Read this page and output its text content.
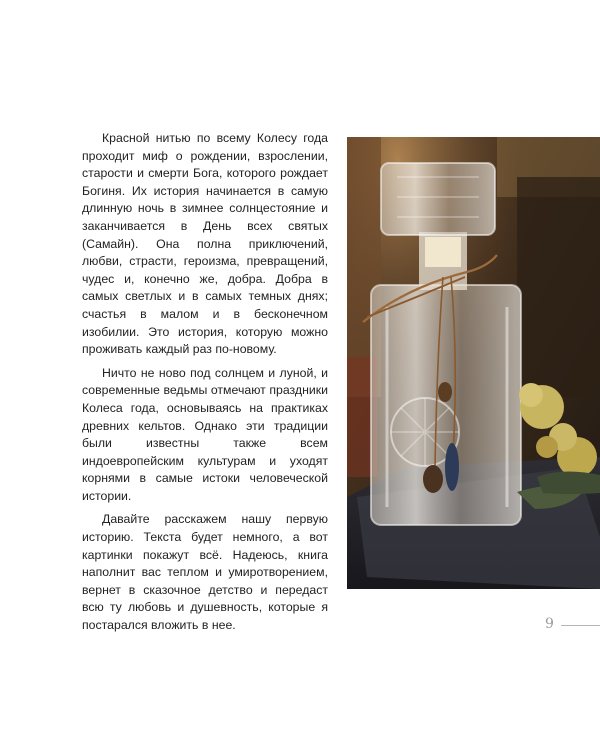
Красной нитью по всему Колесу года проходит миф о рождении, взрослении, старости и смерти Бога, которого рождает Богиня. Их история начинается в самую длинную ночь в зимнее солнцестояние и заканчивается в День всех святых (Самайн). Она полна приключений, любви, страсти, героизма, превращений, чудес и, конечно же, добра. Добра в самых светлых и в самых темных днях; счастья в малом и в бесконечном изобилии. Это история, которую можно проживать каждый раз по-новому.

Ничто не ново под солнцем и луной, и современные ведьмы отмечают праздники Колеса года, основываясь на практиках древних кельтов. Однако эти традиции были известны также всем индоевропейским культурам и уходят корнями в самые истоки человеческой истории.

Давайте расскажем нашу первую историю. Текста будет немного, а вот картинки покажут всё. Надеюсь, книга наполнит вас теплом и умиротворением, вернет в сказочное детство и передаст всю ту любовь и душевность, которые я постарался вложить в нее.	9
